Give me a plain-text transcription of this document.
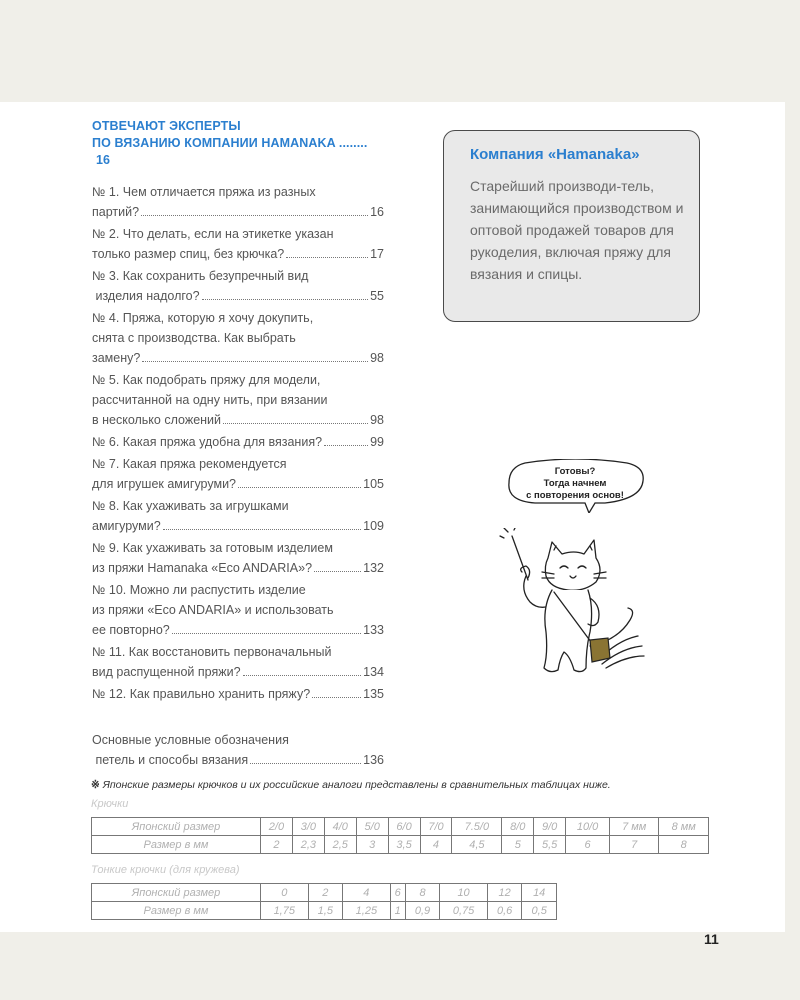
ОТВЕЧАЮТ ЭКСПЕРТЫ
ПО ВЯЗАНИЮ КОМПАНИИ HAMANAKA ........ 16
№ 1. Чем отличается пряжа из разных
партий?	16
№ 2. Что делать, если на этикетке указан
только размер спиц, без крючка?	17
№ 3. Как сохранить безупречный вид
изделия надолго?	55
№ 4. Пряжа, которую я хочу докупить,
снята с производства. Как выбрать
замену?	98
№ 5. Как подобрать пряжу для модели,
рассчитанной на одну нить, при вязании
в несколько сложений	98
№ 6. Какая пряжа удобна для вязания?	99
№ 7. Какая пряжа рекомендуется
для игрушек амигуруми?	105
№ 8. Как ухаживать за игрушками
амигуруми?	109
№ 9. Как ухаживать за готовым изделием
из пряжи Hamanaka «Eco ANDARIA»?	132
№ 10. Можно ли распустить изделие
из пряжи «Eco ANDARIA» и использовать
ее повторно?	133
№ 11. Как восстановить первоначальный
вид распущенной пряжи?	134
№ 12. Как правильно хранить пряжу?	135
Основные условные обозначения
петель и способы вязания	136
Компания «Hamanaka»
Старейший производи-тель, занимающийся производством и оптовой продажей товаров для рукоделия, включая пряжу для вязания и спицы.
Готовы?
Тогда начнем
с повторения основ!
※ Японские размеры крючков и их российские аналоги представлены в сравнительных таблицах ниже.
Крючки
Японский размер	2/0	3/0	4/0	5/0	6/0	7/0	7.5/0	8/0	9/0	10/0	7 мм	8 мм
Размер в мм	2	2,3	2,5	3	3,5	4	4,5	5	5,5	6	7	8
Тонкие крючки (для кружева)
Японский размер	0	2	4	6	8	10	12	14
Размер в мм	1,75	1,5	1,25	1	0,9	0,75	0,6	0,5
11
